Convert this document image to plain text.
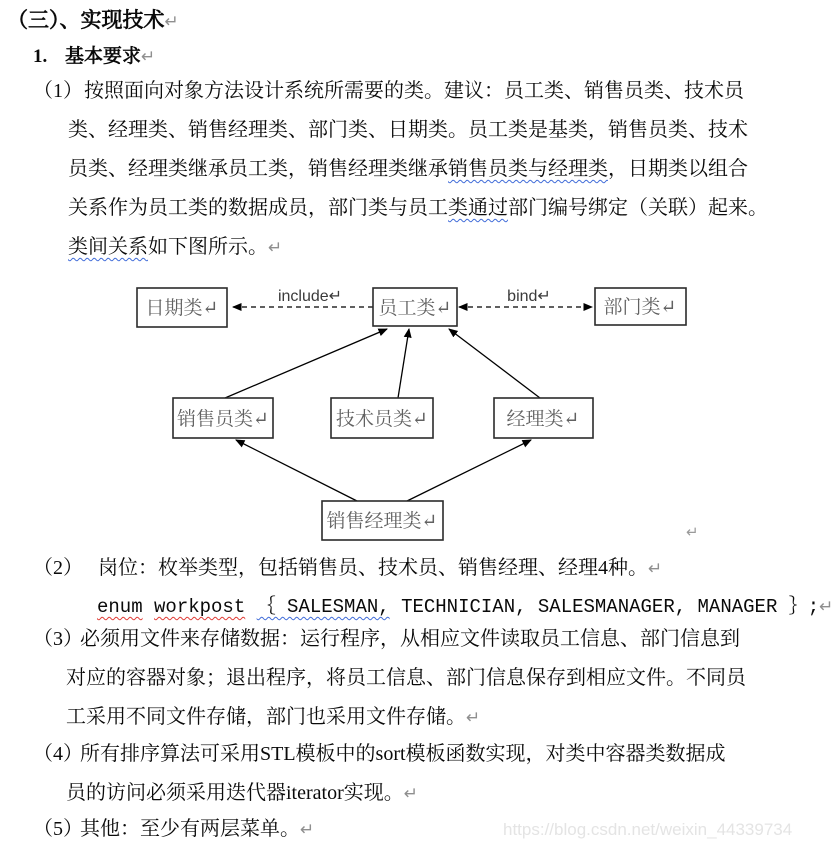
（三）、实现技术↵
1. 基本要求↵
（1）按照面向对象方法设计系统所需要的类。建议：员工类、销售员类、技术员
类、经理类、销售经理类、部门类、日期类。员工类是基类，销售员类、技术
员类、经理类继承员工类，销售经理类继承销售员类与经理类，日期类以组合
关系作为员工类的数据成员，部门类与员工类通过部门编号绑定（关联）起来。
类间关系如下图所示。↵
include↵	bind↵
日期类↵	员工类↵	部门类↵
销售员类↵	技术员类↵	经理类↵
销售经理类↵	↵
（2） 岗位：枚举类型，包括销售员、技术员、销售经理、经理4种。↵
enum workpost ｛ SALESMAN, TECHNICIAN, SALESMANAGER, MANAGER ｝;↵
（3）必须用文件来存储数据：运行程序，从相应文件读取员工信息、部门信息到
对应的容器对象；退出程序，将员工信息、部门信息保存到相应文件。不同员
工采用不同文件存储，部门也采用文件存储。↵
（4）所有排序算法可采用STL模板中的sort模板函数实现，对类中容器类数据成
员的访问必须采用迭代器iterator实现。↵
（5）其他：至少有两层菜单。↵	https://blog.csdn.net/weixin_44339734
